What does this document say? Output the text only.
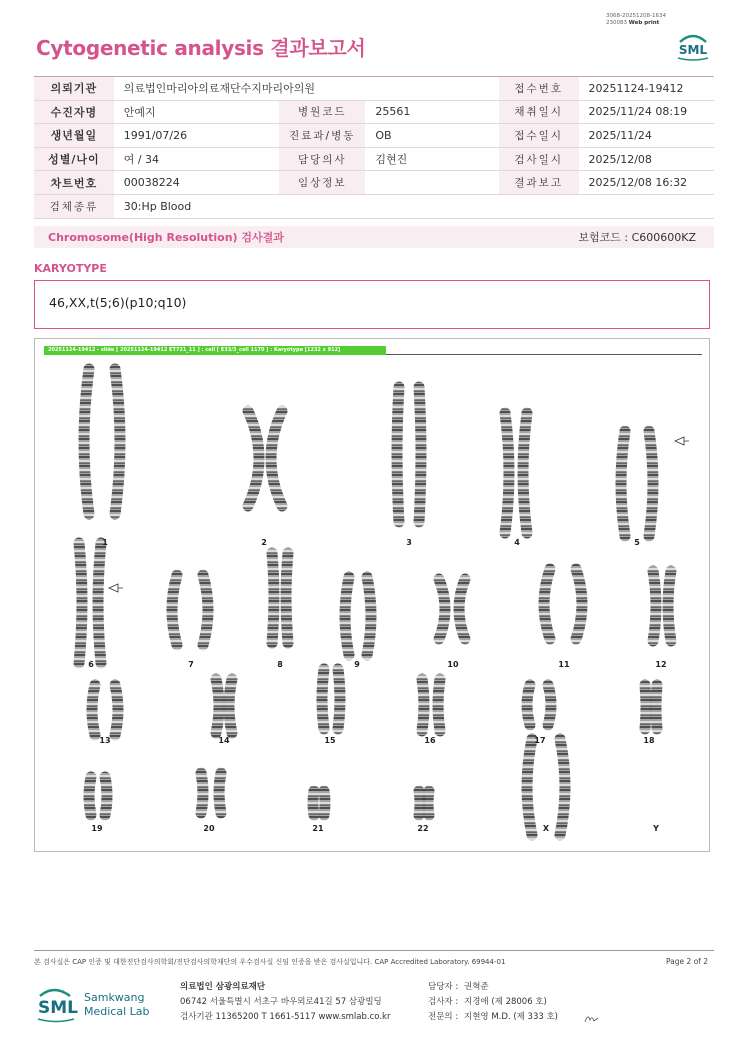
3068-20251208-1634
230083 Web print
Cytogenetic analysis 결과보고서	SML
의뢰기관	의료법인마리아의료재단수지마리아의원			접수번호	20251124-19412
수진자명	안예지	병원코드	25561	채취일시	2025/11/24 08:19
생년월일	1991/07/26	진료과/병동	OB	접수일시	2025/11/24
성별/나이	여 / 34	담당의사	김현진	검사일시	2025/12/08
차트번호	00038224	임상정보		결과보고	2025/12/08 16:32
검체종류	30:Hp Blood				
Chromosome(High Resolution) 검사결과	보험코드 : C600600KZ
KARYOTYPE
46,XX,t(5;6)(p10;q10)
20251124-19412 - slide [ 20251124-19412 ET721_11 ] : cell [ E33/3_cell 1170 ] : Karyotype [1232 x 912]
1	2	3	4	5
6	7	8	9	10	11	12
13	14	15	16	17	18
19	20	21	22	X	Y
본 검사실은 CAP 인증 및 대한진단검사의학회/진단검사의학재단의 우수검사실 신임 인증을 받은 검사실입니다. CAP Accredited Laboratory. 69944-01	Page 2 of 2
SML
Samkwang
Medical Lab
의료법인 삼광의료재단
06742 서울특별시 서초구 바우뫼로41길 57 삼광빌딩
검사기관 11365200 T 1661-5117 www.smlab.co.kr
담당자 : 권혁준
검사자 : 지경애 (제 28006 호)
전문의 : 지현영 M.D. (제 333 호)
